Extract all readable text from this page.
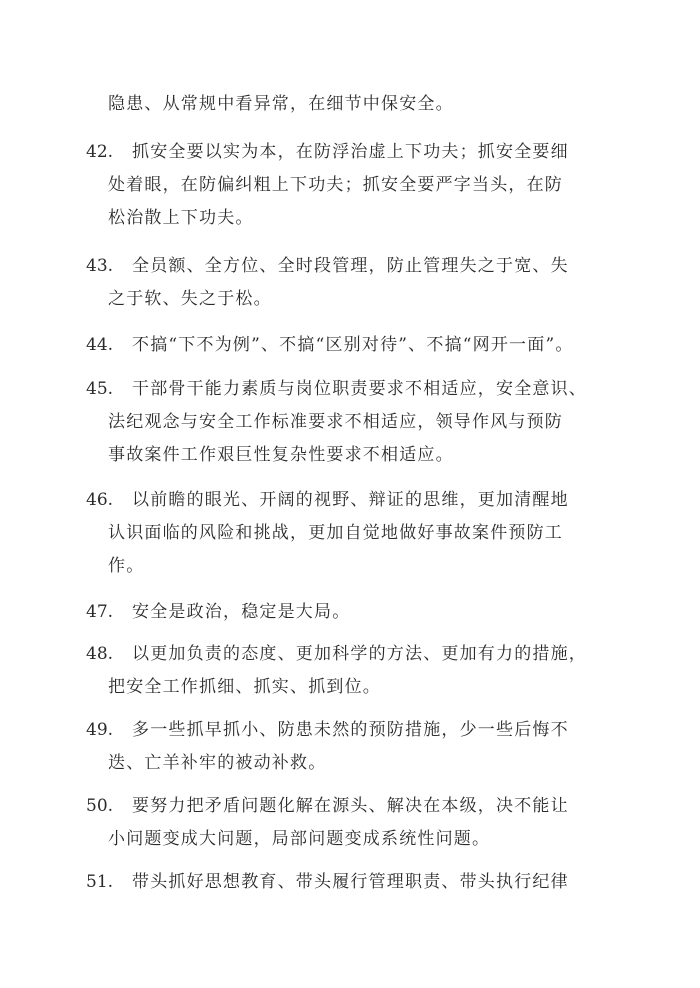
隐患、从常规中看异常，在细节中保安全。
42. 抓安全要以实为本，在防浮治虚上下功夫；抓安全要细
处着眼，在防偏纠粗上下功夫；抓安全要严字当头，在防
松治散上下功夫。
43. 全员额、全方位、全时段管理，防止管理失之于宽、失
之于软、失之于松。
44. 不搞“下不为例”、不搞“区别对待”、不搞“网开一面”。
45. 干部骨干能力素质与岗位职责要求不相适应，安全意识、
法纪观念与安全工作标准要求不相适应，领导作风与预防
事故案件工作艰巨性复杂性要求不相适应。
46. 以前瞻的眼光、开阔的视野、辩证的思维，更加清醒地
认识面临的风险和挑战，更加自觉地做好事故案件预防工
作。
47. 安全是政治，稳定是大局。
48. 以更加负责的态度、更加科学的方法、更加有力的措施，
把安全工作抓细、抓实、抓到位。
49. 多一些抓早抓小、防患未然的预防措施，少一些后悔不
迭、亡羊补牢的被动补救。
50. 要努力把矛盾问题化解在源头、解决在本级，决不能让
小问题变成大问题，局部问题变成系统性问题。
51. 带头抓好思想教育、带头履行管理职责、带头执行纪律
